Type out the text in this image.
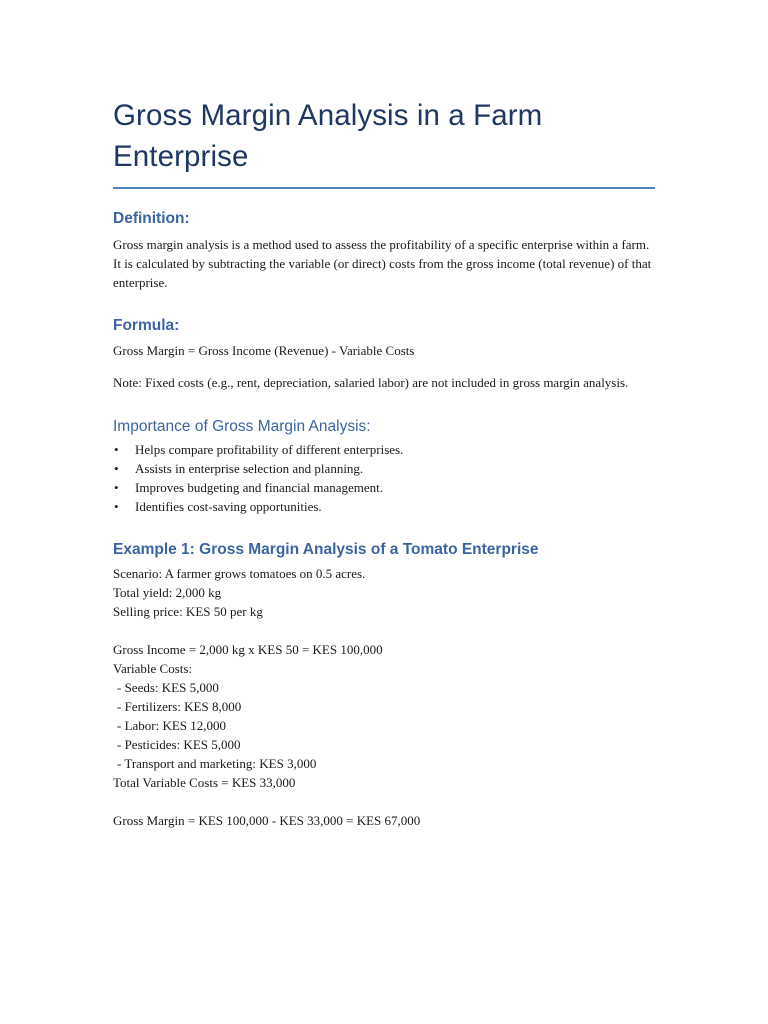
Gross Margin Analysis in a Farm Enterprise
Definition:

Gross margin analysis is a method used to assess the profitability of a specific enterprise within a farm. It is calculated by subtracting the variable (or direct) costs from the gross income (total revenue) of that enterprise.

Formula:

Gross Margin = Gross Income (Revenue) - Variable Costs

Note: Fixed costs (e.g., rent, depreciation, salaried labor) are not included in gross margin analysis.

Importance of Gross Margin Analysis:
• Helps compare profitability of different enterprises.
• Assists in enterprise selection and planning.
• Improves budgeting and financial management.
• Identifies cost-saving opportunities.
Example 1: Gross Margin Analysis of a Tomato Enterprise

Scenario: A farmer grows tomatoes on 0.5 acres.

Total yield: 2,000 kg

Selling price: KES 50 per kg

Gross Income = 2,000 kg x KES 50 = KES 100,000

Variable Costs:

- Seeds: KES 5,000

- Fertilizers: KES 8,000

- Labor: KES 12,000

- Pesticides: KES 5,000

- Transport and marketing: KES 3,000

Total Variable Costs = KES 33,000

Gross Margin = KES 100,000 - KES 33,000 = KES 67,000
